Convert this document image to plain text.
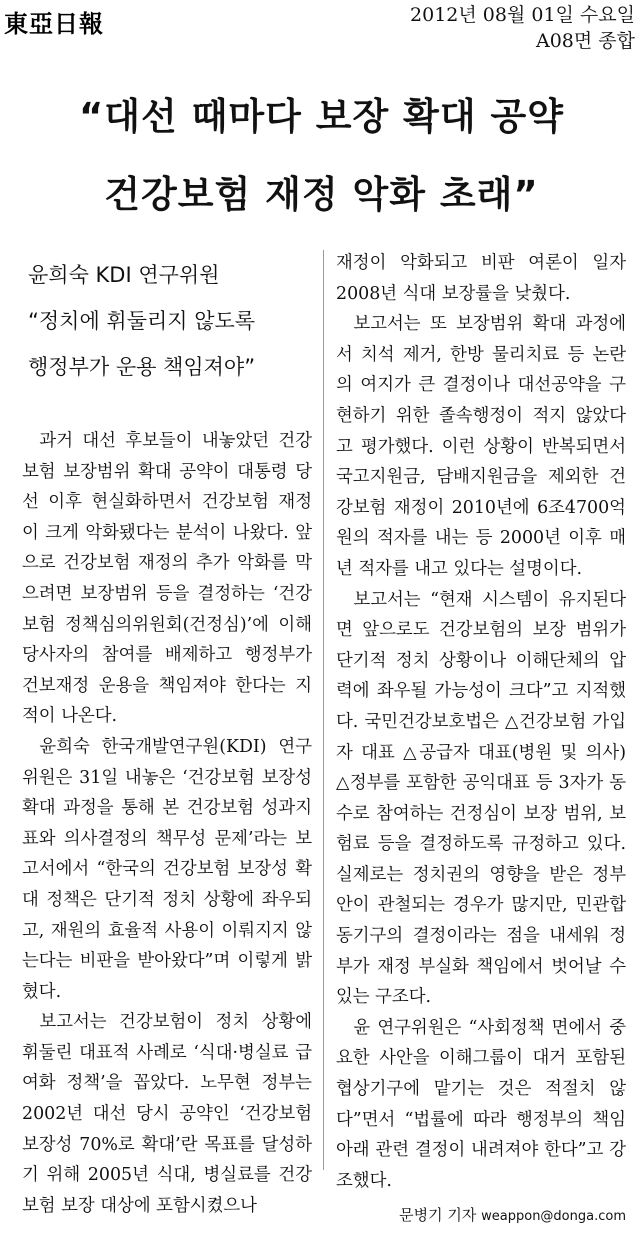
東亞日報	2012년 08월 01일 수요일
A08면 종합
“대선 때마다 보장 확대 공약
건강보험 재정 악화 초래”
윤희숙 KDI 연구위원
“정치에 휘둘리지 않도록
행정부가 운용 책임져야”

과거 대선 후보들이 내놓았던 건강보험 보장범위 확대 공약이 대통령 당선 이후 현실화하면서 건강보험 재정이 크게 악화됐다는 분석이 나왔다. 앞으로 건강보험 재정의 추가 악화를 막으려면 보장범위 등을 결정하는 ‘건강보험 정책심의위원회(건정심)’에 이해 당사자의 참여를 배제하고 행정부가 건보재정 운용을 책임져야 한다는 지적이 나온다.

윤희숙 한국개발연구원(KDI) 연구위원은 31일 내놓은 ‘건강보험 보장성 확대 과정을 통해 본 건강보험 성과지표와 의사결정의 책무성 문제’라는 보고서에서 “한국의 건강보험 보장성 확대 정책은 단기적 정치 상황에 좌우되고, 재원의 효율적 사용이 이뤄지지 않는다는 비판을 받아왔다”며 이렇게 밝혔다.

보고서는 건강보험이 정치 상황에 휘둘린 대표적 사례로 ‘식대·병실료 급여화 정책’을 꼽았다. 노무현 정부는 2002년 대선 당시 공약인 ‘건강보험 보장성 70%로 확대’란 목표를 달성하기 위해 2005년 식대, 병실료를 건강보험 보장 대상에 포함시켰으나

재정이 악화되고 비판 여론이 일자 2008년 식대 보장률을 낮췄다.

보고서는 또 보장범위 확대 과정에서 치석 제거, 한방 물리치료 등 논란의 여지가 큰 결정이나 대선공약을 구현하기 위한 졸속행정이 적지 않았다고 평가했다. 이런 상황이 반복되면서 국고지원금, 담배지원금을 제외한 건강보험 재정이 2010년에 6조4700억원의 적자를 내는 등 2000년 이후 매년 적자를 내고 있다는 설명이다.

보고서는 “현재 시스템이 유지된다면 앞으로도 건강보험의 보장 범위가 단기적 정치 상황이나 이해단체의 압력에 좌우될 가능성이 크다”고 지적했다. 국민건강보호법은 △건강보험 가입자 대표 △공급자 대표(병원 및 의사) △정부를 포함한 공익대표 등 3자가 동수로 참여하는 건정심이 보장 범위, 보험료 등을 결정하도록 규정하고 있다. 실제로는 정치권의 영향을 받은 정부안이 관철되는 경우가 많지만, 민관합동기구의 결정이라는 점을 내세워 정부가 재정 부실화 책임에서 벗어날 수 있는 구조다.

윤 연구위원은 “사회정책 면에서 중요한 사안을 이해그룹이 대거 포함된 협상기구에 맡기는 것은 적절치 않다”면서 “법률에 따라 행정부의 책임 아래 관련 결정이 내려져야 한다”고 강조했다.

문병기 기자 weappon@donga.com
